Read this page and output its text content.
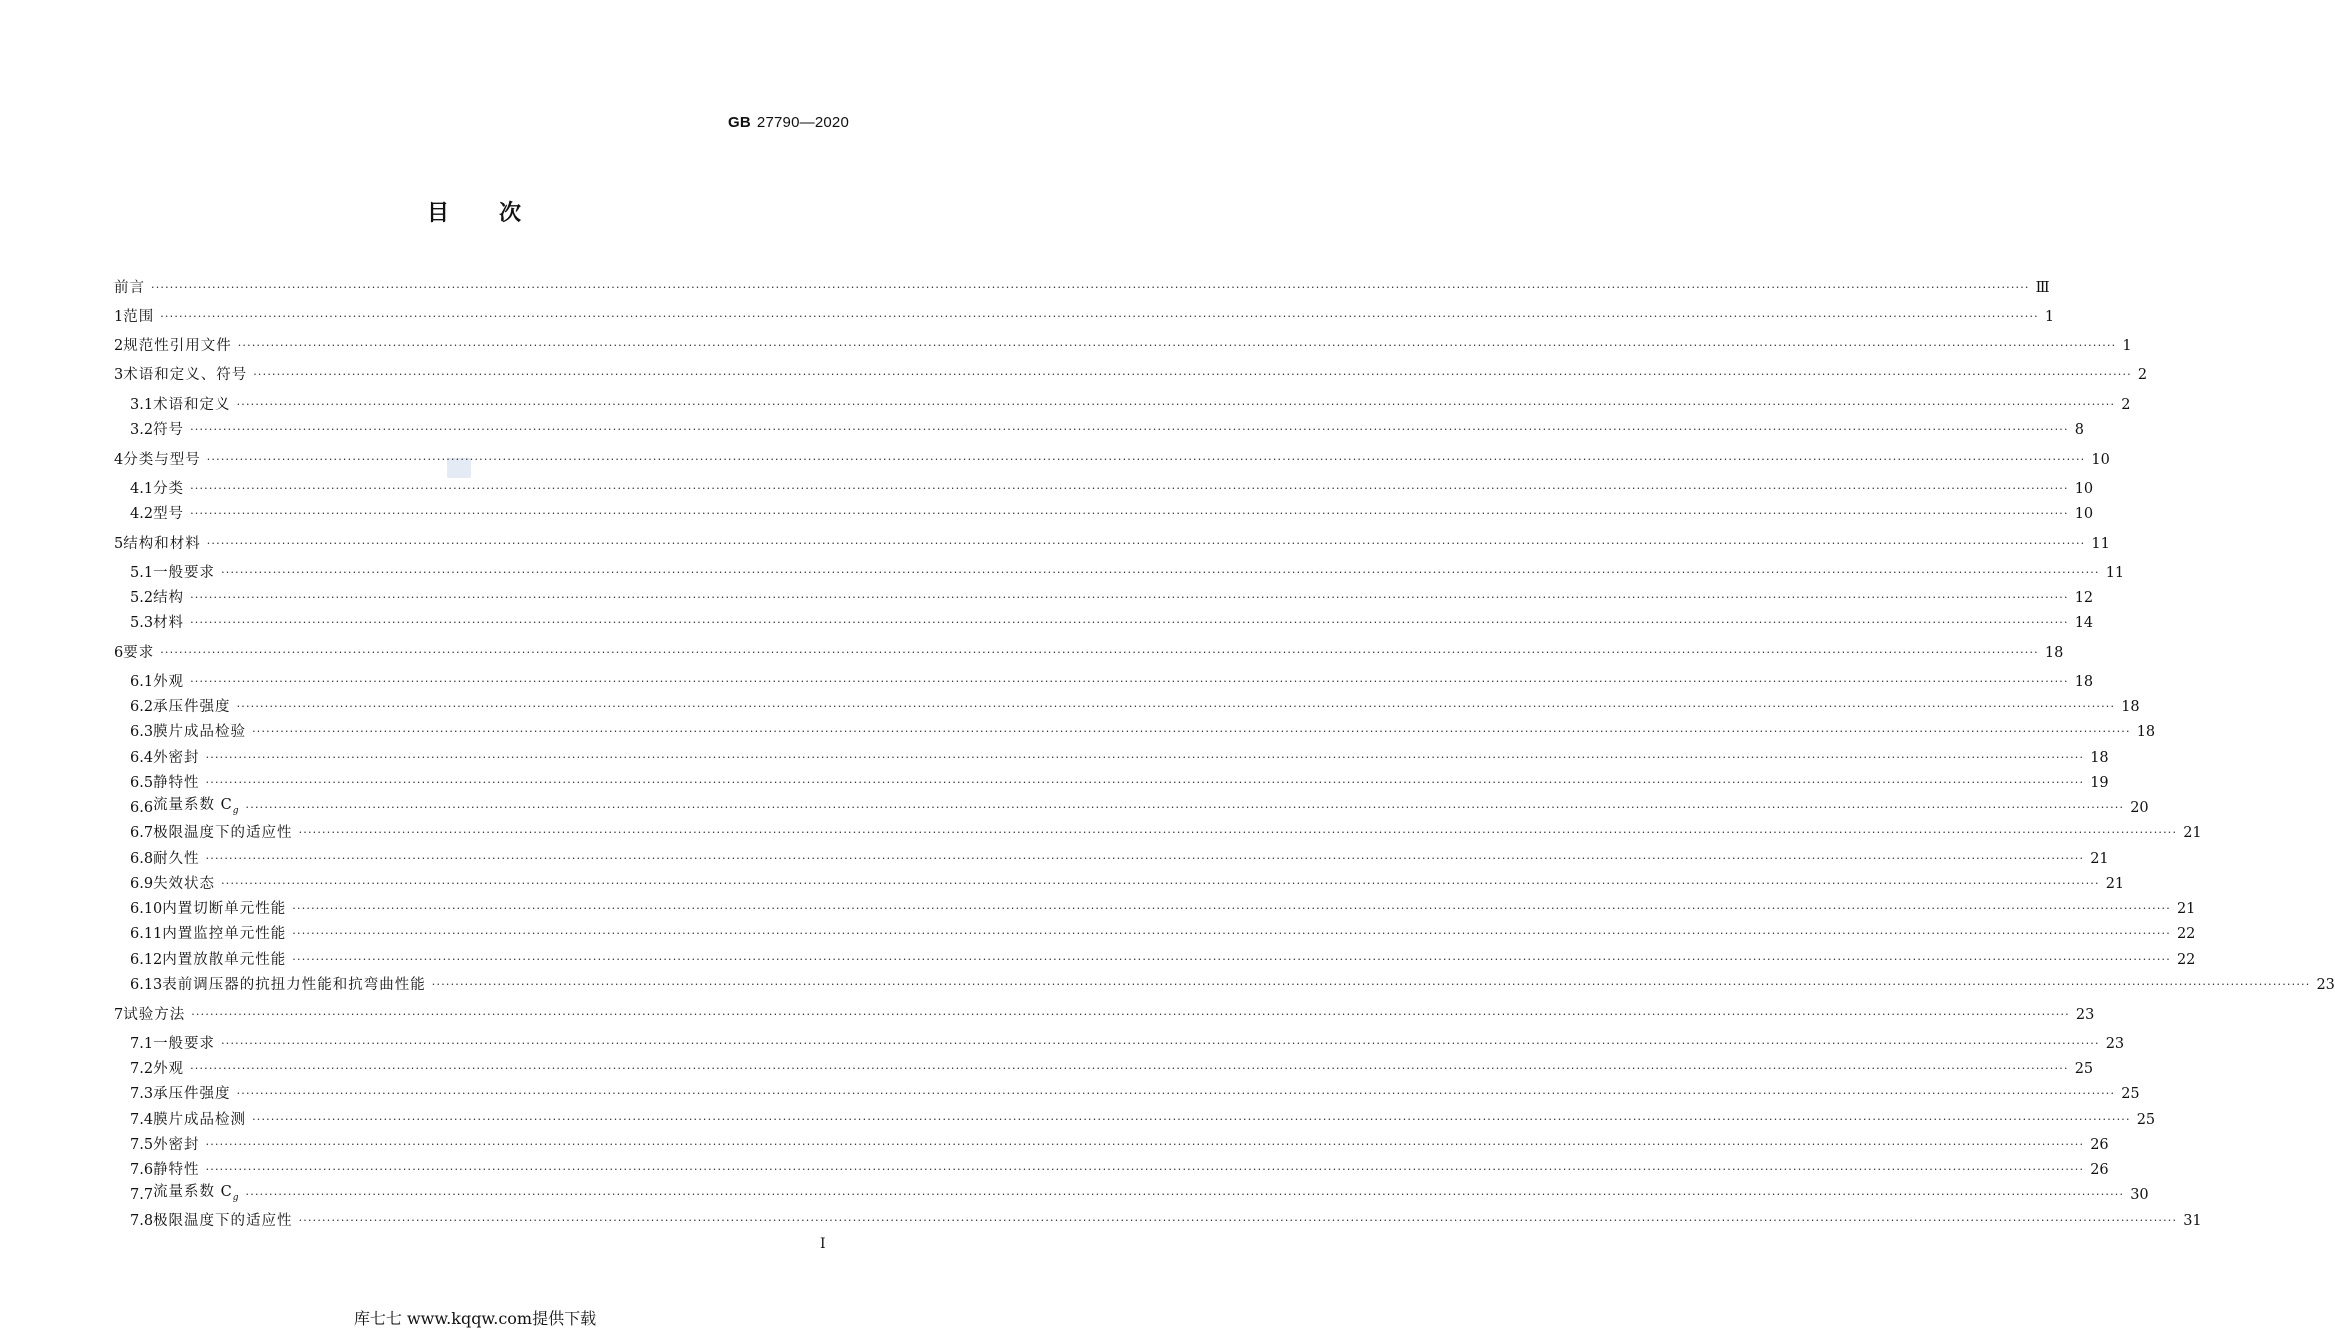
GB 27790—2020
目 次
前言 ················································································································································································································································································································································································································ Ⅲ
1 范围 ················································································································································································································································································································································································································ 1
2 规范性引用文件 ················································································································································································································································································································································································································ 1
3 术语和定义、符号 ················································································································································································································································································································································································································ 2
3.1 术语和定义 ················································································································································································································································································································································································································ 2
3.2 符号 ················································································································································································································································································································································································································ 8
4 分类与型号 ················································································································································································································································································································································································································ 10
4.1 分类 ················································································································································································································································································································································································································ 10
4.2 型号 ················································································································································································································································································································································································································ 10
5 结构和材料 ················································································································································································································································································································································································································ 11
5.1 一般要求 ················································································································································································································································································································································································································ 11
5.2 结构 ················································································································································································································································································································································································································ 12
5.3 材料 ················································································································································································································································································································································································································ 14
6 要求 ················································································································································································································································································································································································································ 18
6.1 外观 ················································································································································································································································································································································································································ 18
6.2 承压件强度 ················································································································································································································································································································································································································ 18
6.3 膜片成品检验 ················································································································································································································································································································································································································ 18
6.4 外密封 ················································································································································································································································································································································································································ 18
6.5 静特性 ················································································································································································································································································································································································································ 19
6.6 流量系数 $C_g$ ················································································································································································································································································································································································································ 20
6.7 极限温度下的适应性 ················································································································································································································································································································································································································ 21
6.8 耐久性 ················································································································································································································································································································································································································ 21
6.9 失效状态 ················································································································································································································································································································································································································ 21
6.10 内置切断单元性能 ················································································································································································································································································································································································································ 21
6.11 内置监控单元性能 ················································································································································································································································································································································································································ 22
6.12 内置放散单元性能 ················································································································································································································································································································································································································ 22
6.13 表前调压器的抗扭力性能和抗弯曲性能 ················································································································································································································································································································································································································ 23
7 试验方法 ················································································································································································································································································································································································································ 23
7.1 一般要求 ················································································································································································································································································································································································································ 23
7.2 外观 ················································································································································································································································································································································································································ 25
7.3 承压件强度 ················································································································································································································································································································································································································ 25
7.4 膜片成品检测 ················································································································································································································································································································································································································ 25
7.5 外密封 ················································································································································································································································································································································································································ 26
7.6 静特性 ················································································································································································································································································································································································································ 26
7.7 流量系数 $C_g$ ················································································································································································································································································································································································································ 30
7.8 极限温度下的适应性 ················································································································································································································································································································································································································ 31
I
库七七 www.kqqw.com提供下载
